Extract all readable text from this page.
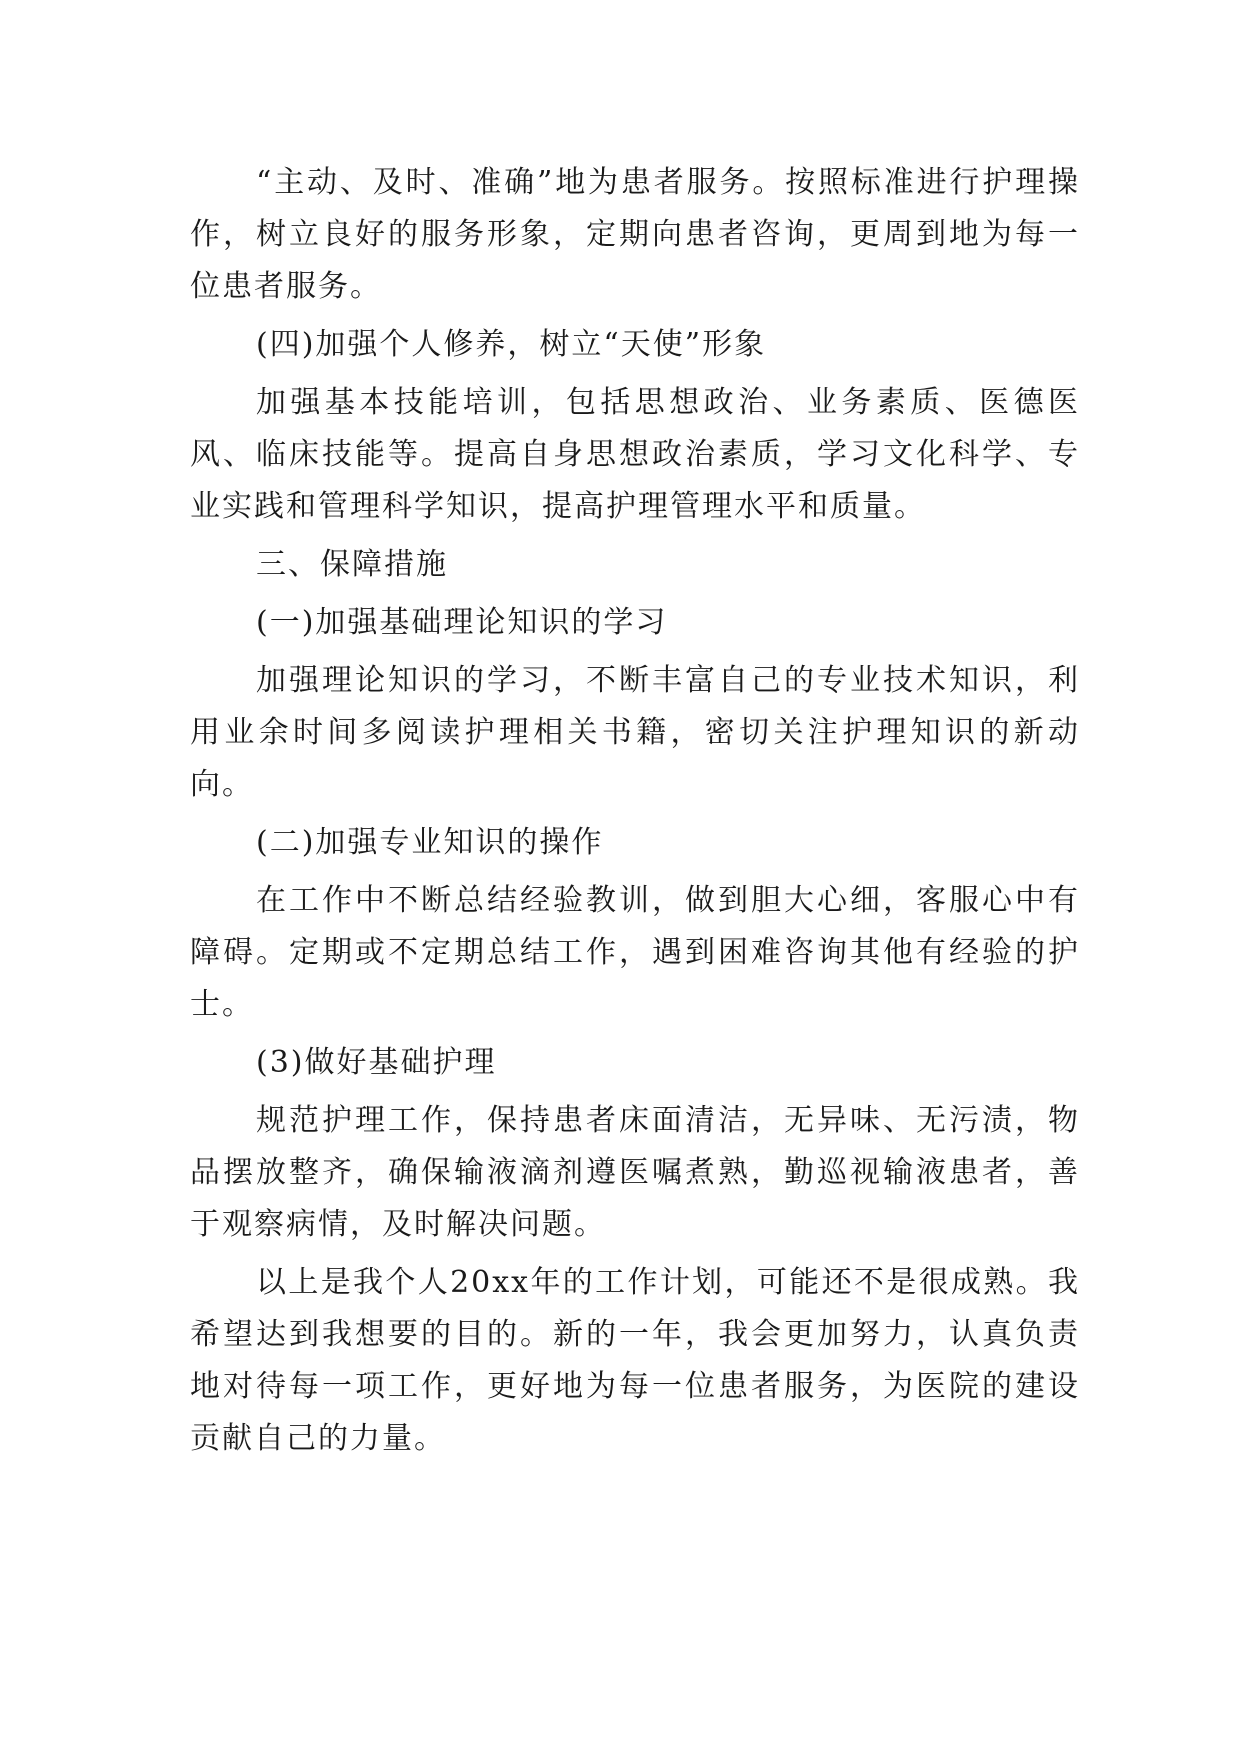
“主动、及时、准确”地为患者服务。按照标准进行护理操作，树立良好的服务形象，定期向患者咨询，更周到地为每一位患者服务。

(四)加强个人修养，树立“天使”形象

加强基本技能培训，包括思想政治、业务素质、医德医风、临床技能等。提高自身思想政治素质，学习文化科学、专业实践和管理科学知识，提高护理管理水平和质量。

三、保障措施

(一)加强基础理论知识的学习

加强理论知识的学习，不断丰富自己的专业技术知识，利用业余时间多阅读护理相关书籍，密切关注护理知识的新动向。

(二)加强专业知识的操作

在工作中不断总结经验教训，做到胆大心细，客服心中有障碍。定期或不定期总结工作，遇到困难咨询其他有经验的护士。

(3)做好基础护理

规范护理工作，保持患者床面清洁，无异味、无污渍，物品摆放整齐，确保输液滴剂遵医嘱煮熟，勤巡视输液患者，善于观察病情，及时解决问题。

以上是我个人20xx年的工作计划，可能还不是很成熟。我希望达到我想要的目的。新的一年，我会更加努力，认真负责地对待每一项工作，更好地为每一位患者服务，为医院的建设贡献自己的力量。
